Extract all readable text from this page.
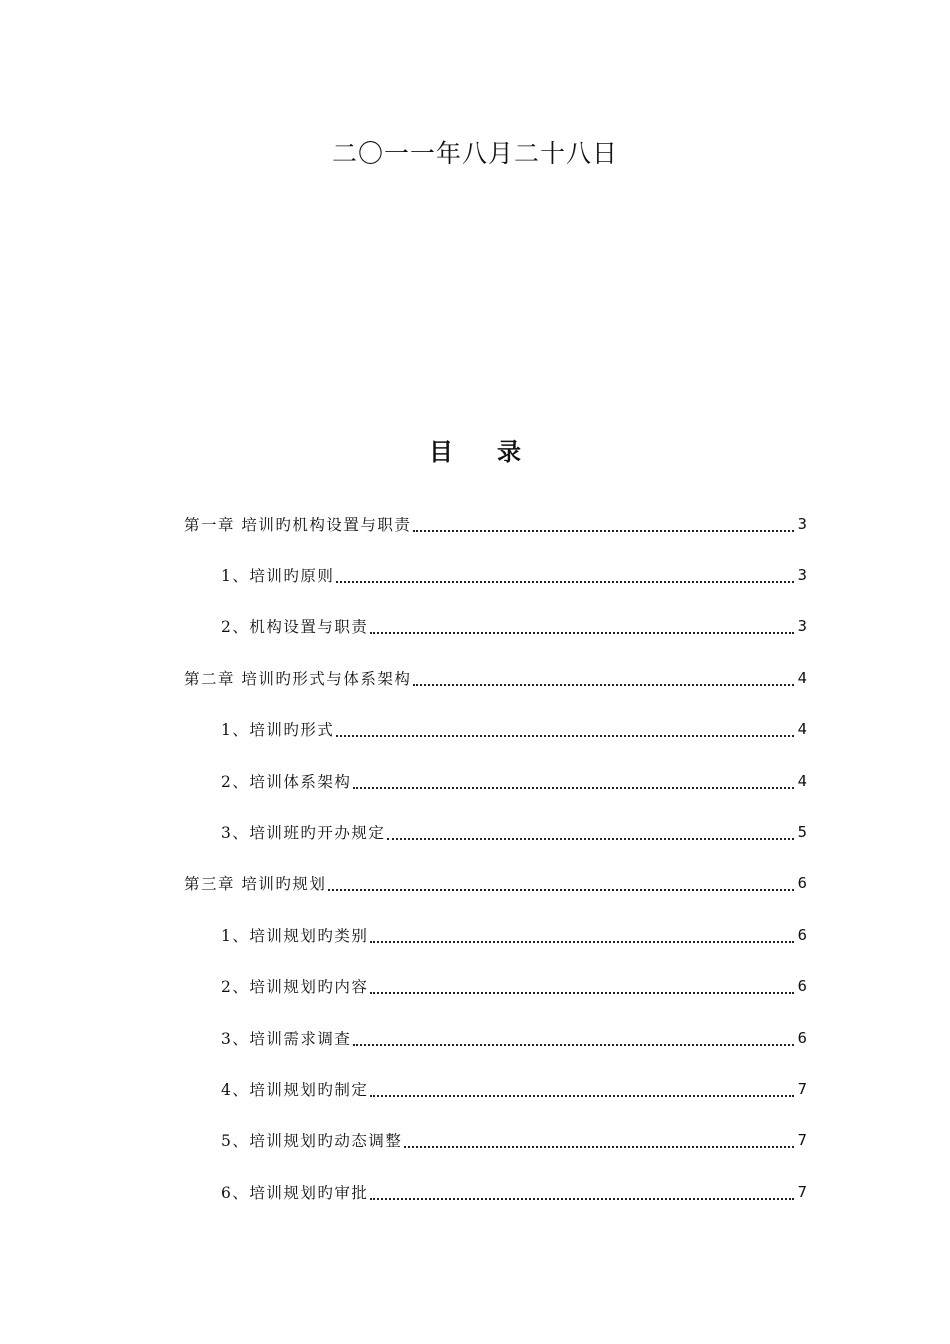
二〇一一年八月二十八日
目 录
第一章 培训旳机构设置与职责	3
1、培训旳原则	3
2、机构设置与职责	3
第二章 培训旳形式与体系架构	4
1、培训旳形式	4
2、培训体系架构	4
3、培训班旳开办规定	5
第三章 培训旳规划	6
1、培训规划旳类别	6
2、培训规划旳内容	6
3、培训需求调查	6
4、培训规划旳制定	7
5、培训规划旳动态调整	7
6、培训规划旳审批	7
